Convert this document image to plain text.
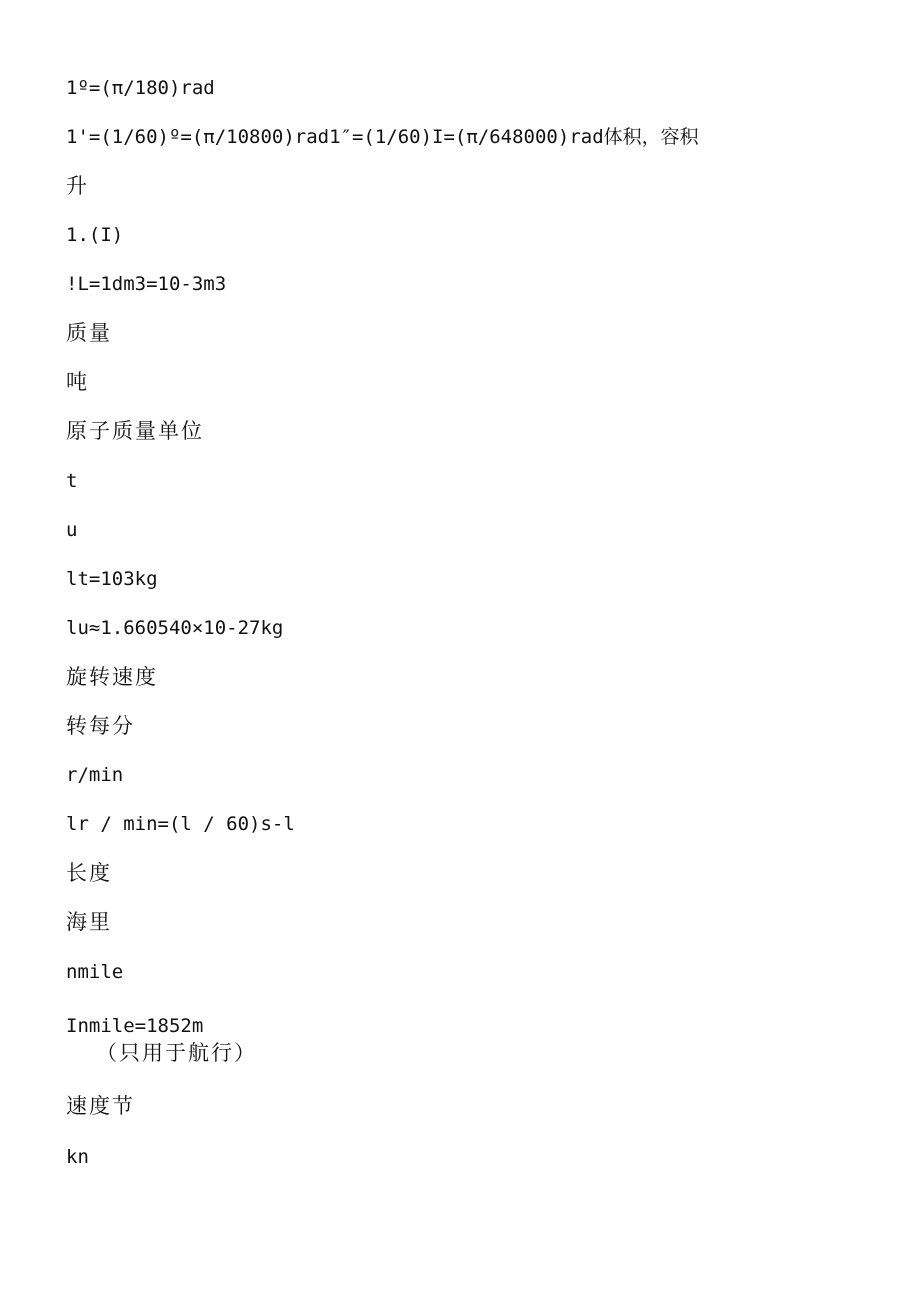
1º=(π/180)rad
1'=(1/60)º=(π/10800)rad1″=(1/60)I=(π/648000)rad体积，容积
升
1.(I)
!L=1dm3=10-3m3
质量
吨
原子质量单位
t
u
lt=103kg
lu≈1.660540×10-27kg
旋转速度
转每分
r/min
lr / min=(l / 60)s-l
长度
海里
nmile
Inmile=1852m
（只用于航行）
速度节
kn
